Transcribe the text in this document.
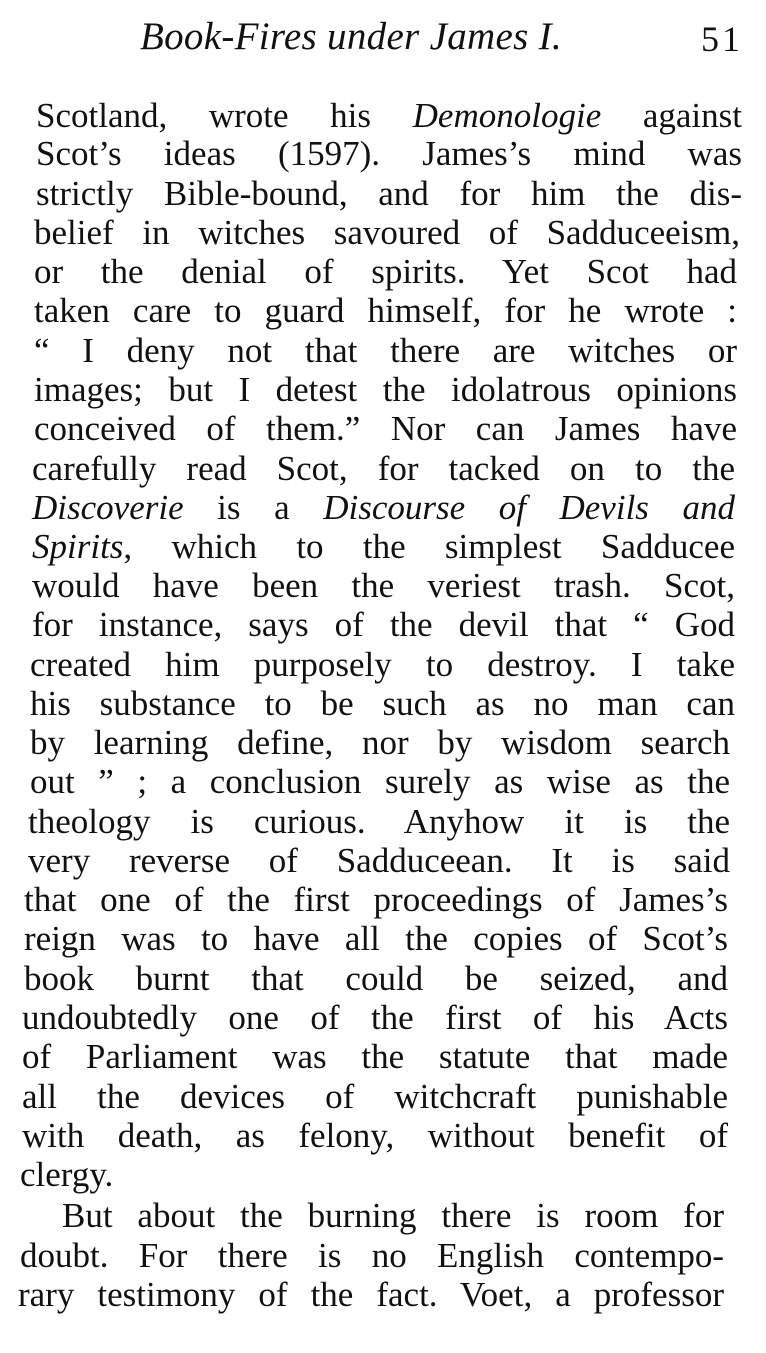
Book-Fires under James I.	51
Scotland, wrote his Demonologie against
Scot’s ideas (1597). James’s mind was
strictly Bible-bound, and for him the dis-
belief in witches savoured of Sadduceeism,
or the denial of spirits. Yet Scot had
taken care to guard himself, for he wrote :
“ I deny not that there are witches or
images; but I detest the idolatrous opinions
conceived of them.” Nor can James have
carefully read Scot, for tacked on to the
Discoverie is a Discourse of Devils and
Spirits, which to the simplest Sadducee
would have been the veriest trash. Scot,
for instance, says of the devil that “ God
created him purposely to destroy. I take
his substance to be such as no man can
by learning define, nor by wisdom search
out ” ; a conclusion surely as wise as the
theology is curious. Anyhow it is the
very reverse of Sadduceean. It is said
that one of the first proceedings of James’s
reign was to have all the copies of Scot’s
book burnt that could be seized, and
undoubtedly one of the first of his Acts
of Parliament was the statute that made
all the devices of witchcraft punishable
with death, as felony, without benefit of
clergy.
But about the burning there is room for
doubt. For there is no English contempo-
rary testimony of the fact. Voet, a professor
